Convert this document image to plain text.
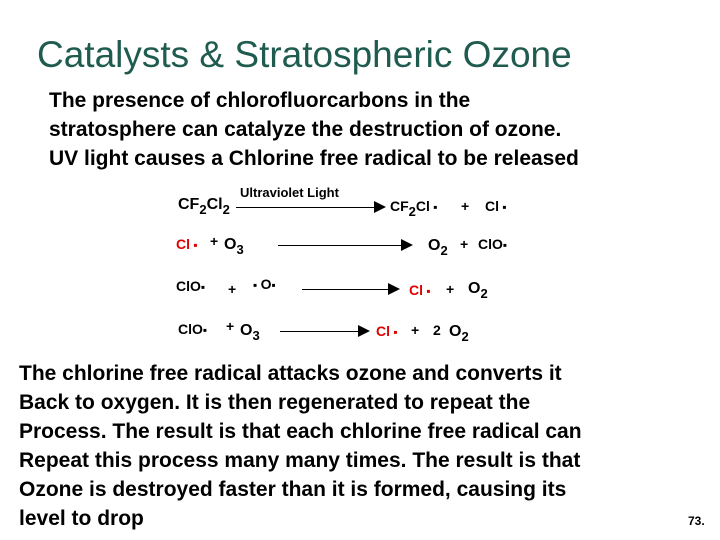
Catalysts & Stratospheric Ozone
The presence of chlorofluorcarbons in the
stratosphere can catalyze the destruction of ozone.
UV light causes a Chlorine free radical to be released
Ultraviolet Light
$CF_2Cl_2$	CF2Cl ▪ + Cl ▪
Cl ▪ + $O_3$	$O_2$ + ClO▪
ClO▪ + ▪ O▪	Cl ▪ + $O_2$
ClO▪ + $O_3$	Cl ▪ + 2 $O_2$
The chlorine free radical attacks ozone and converts it
Back to oxygen. It is then regenerated to repeat the
Process. The result is that each chlorine free radical can
Repeat this process many many times. The result is that
Ozone is destroyed faster than it is formed, causing its
level to drop	73.
